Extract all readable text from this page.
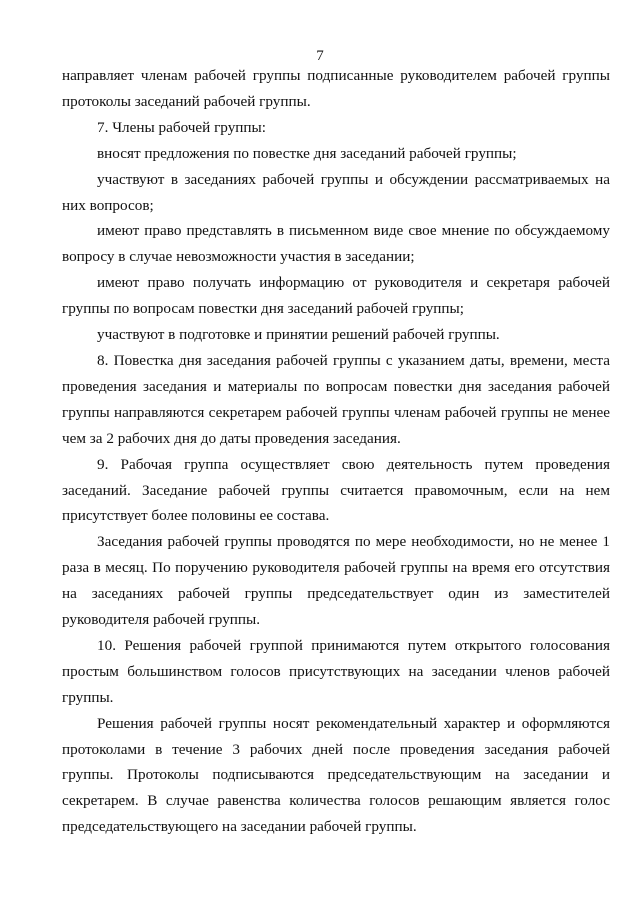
7

направляет членам рабочей группы подписанные руководителем рабочей группы протоколы заседаний рабочей группы.

7. Члены рабочей группы:

вносят предложения по повестке дня заседаний рабочей группы;

участвуют в заседаниях рабочей группы и обсуждении рассматриваемых на них вопросов;

имеют право представлять в письменном виде свое мнение по обсуждаемому вопросу в случае невозможности участия в заседании;

имеют право получать информацию от руководителя и секретаря рабочей группы по вопросам повестки дня заседаний рабочей группы;

участвуют в подготовке и принятии решений рабочей группы.

8. Повестка дня заседания рабочей группы с указанием даты, времени, места проведения заседания и материалы по вопросам повестки дня заседания рабочей группы направляются секретарем рабочей группы членам рабочей группы не менее чем за 2 рабочих дня до даты проведения заседания.

9. Рабочая группа осуществляет свою деятельность путем проведения заседаний. Заседание рабочей группы считается правомочным, если на нем присутствует более половины ее состава.

Заседания рабочей группы проводятся по мере необходимости, но не менее 1 раза в месяц. По поручению руководителя рабочей группы на время его отсутствия на заседаниях рабочей группы председательствует один из заместителей руководителя рабочей группы.

10. Решения рабочей группой принимаются путем открытого голосования простым большинством голосов присутствующих на заседании членов рабочей группы.

Решения рабочей группы носят рекомендательный характер и оформляются протоколами в течение 3 рабочих дней после проведения заседания рабочей группы. Протоколы подписываются председательствующим на заседании и секретарем. В случае равенства количества голосов решающим является голос председательствующего на заседании рабочей группы.
